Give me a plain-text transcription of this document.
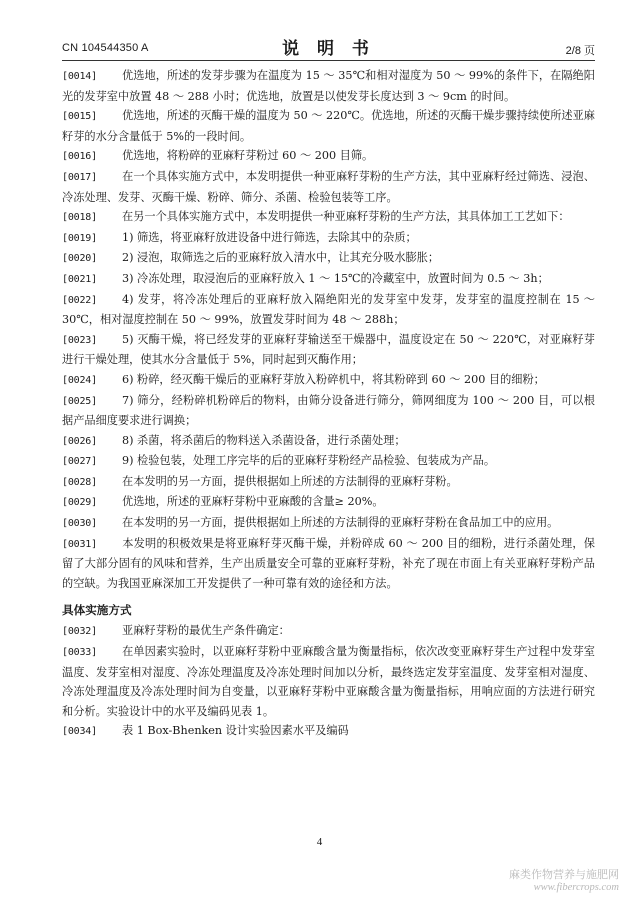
CN 104544350 A	说 明 书	2/8 页

[0014] 优选地，所述的发芽步骤为在温度为 15 ～ 35℃和相对湿度为 50 ～ 99%的条件下，在隔绝阳光的发芽室中放置 48 ～ 288 小时；优选地，放置是以使发芽长度达到 3 ～ 9cm 的时间。

[0015] 优选地，所述的灭酶干燥的温度为 50 ～ 220℃。优选地，所述的灭酶干燥步骤持续使所述亚麻籽芽的水分含量低于 5%的一段时间。

[0016] 优选地，将粉碎的亚麻籽芽粉过 60 ～ 200 目筛。

[0017] 在一个具体实施方式中，本发明提供一种亚麻籽芽粉的生产方法，其中亚麻籽经过筛选、浸泡、冷冻处理、发芽、灭酶干燥、粉碎、筛分、杀菌、检验包装等工序。

[0018] 在另一个具体实施方式中，本发明提供一种亚麻籽芽粉的生产方法，其具体加工工艺如下：

[0019] 1) 筛选，将亚麻籽放进设备中进行筛选，去除其中的杂质；

[0020] 2) 浸泡，取筛选之后的亚麻籽放入清水中，让其充分吸水膨胀；

[0021] 3) 冷冻处理，取浸泡后的亚麻籽放入 1 ～ 15℃的冷藏室中，放置时间为 0.5 ～ 3h；

[0022] 4) 发芽，将冷冻处理后的亚麻籽放入隔绝阳光的发芽室中发芽，发芽室的温度控制在 15 ～ 30℃，相对湿度控制在 50 ～ 99%，放置发芽时间为 48 ～ 288h；

[0023] 5) 灭酶干燥，将已经发芽的亚麻籽芽输送至干燥器中，温度设定在 50 ～ 220℃，对亚麻籽芽进行干燥处理，使其水分含量低于 5%，同时起到灭酶作用；

[0024] 6) 粉碎，经灭酶干燥后的亚麻籽芽放入粉碎机中，将其粉碎到 60 ～ 200 目的细粉；

[0025] 7) 筛分，经粉碎机粉碎后的物料，由筛分设备进行筛分，筛网细度为 100 ～ 200 目，可以根据产品细度要求进行调换；

[0026] 8) 杀菌，将杀菌后的物料送入杀菌设备，进行杀菌处理；

[0027] 9) 检验包装，处理工序完毕的后的亚麻籽芽粉经产品检验、包装成为产品。

[0028] 在本发明的另一方面，提供根据如上所述的方法制得的亚麻籽芽粉。

[0029] 优选地，所述的亚麻籽芽粉中亚麻酸的含量≥ 20%。

[0030] 在本发明的另一方面，提供根据如上所述的方法制得的亚麻籽芽粉在食品加工中的应用。

[0031] 本发明的积极效果是将亚麻籽芽灭酶干燥，并粉碎成 60 ～ 200 目的细粉，进行杀菌处理，保留了大部分固有的风味和营养，生产出质量安全可靠的亚麻籽芽粉，补充了现在市面上有关亚麻籽芽粉产品的空缺。为我国亚麻深加工开发提供了一种可靠有效的途径和方法。

具体实施方式

[0032] 亚麻籽芽粉的最优生产条件确定：

[0033] 在单因素实验时，以亚麻籽芽粉中亚麻酸含量为衡量指标，依次改变亚麻籽芽生产过程中发芽室温度、发芽室相对湿度、冷冻处理温度及冷冻处理时间加以分析，最终选定发芽室温度、发芽室相对湿度、冷冻处理温度及冷冻处理时间为自变量，以亚麻籽芽粉中亚麻酸含量为衡量指标，用响应面的方法进行研究和分析。实验设计中的水平及编码见表 1。

[0034] 表 1 Box-Bhenken 设计实验因素水平及编码

4
麻类作物营养与施肥网
www.fibercrops.com
